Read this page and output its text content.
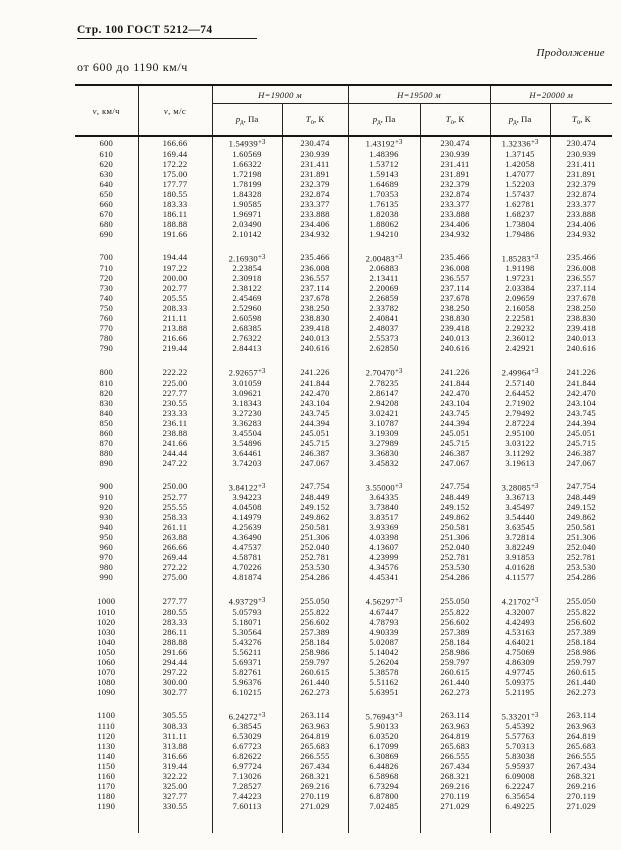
Стр. 100 ГОСТ 5212—74
Продолжение
от 600 до 1190 км/ч
v, км/ч	v, м/с	H=19000 м		H=19500 м		H=20000 м	
		$p_д$, Па	$T_о$, К	$p_д$, Па	$T_о$, К	$p_д$, Па	$T_о$, К
600	166.66	$1.54939^{+3}$	230.474	$1.43192^{+3}$	230.474	$1.32336^{+3}$	230.474
610	169.44	1.60569	230.939	1.48396	230.939	1.37145	230.939
620	172.22	1.66322	231.411	1.53712	231.411	1.42058	231.411
630	175.00	1.72198	231.891	1.59143	231.891	1.47077	231.891
640	177.77	1.78199	232.379	1.64689	232.379	1.52203	232.379
650	180.55	1.84328	232.874	1.70353	232.874	1.57437	232.874
660	183.33	1.90585	233.377	1.76135	233.377	1.62781	233.377
670	186.11	1.96971	233.888	1.82038	233.888	1.68237	233.888
680	188.88	2.03490	234.406	1.88062	234.406	1.73804	234.406
690	191.66	2.10142	234.932	1.94210	234.932	1.79486	234.932

700	194.44	$2.16930^{+3}$	235.466	$2.00483^{+3}$	235.466	$1.85283^{+3}$	235.466
710	197.22	2.23854	236.008	2.06883	236.008	1.91198	236.008
720	200.00	2.30918	236.557	2.13411	236.557	1.97231	236.557
730	202.77	2.38122	237.114	2.20069	237.114	2.03384	237.114
740	205.55	2.45469	237.678	2.26859	237.678	2.09659	237.678
750	208.33	2.52960	238.250	2.33782	238.250	2.16058	238.250
760	211.11	2.60598	238.830	2.40841	238.830	2.22581	238.830
770	213.88	2.68385	239.418	2.48037	239.418	2.29232	239.418
780	216.66	2.76322	240.013	2.55373	240.013	2.36012	240.013
790	219.44	2.84413	240.616	2.62850	240.616	2.42921	240.616

800	222.22	$2.92657^{+3}$	241.226	$2.70470^{+3}$	241.226	$2.49964^{+3}$	241.226
810	225.00	3.01059	241.844	2.78235	241.844	2.57140	241.844
820	227.77	3.09621	242.470	2.86147	242.470	2.64452	242.470
830	230.55	3.18343	243.104	2.94208	243.104	2.71902	243.104
840	233.33	3.27230	243.745	3.02421	243.745	2.79492	243.745
850	236.11	3.36283	244.394	3.10787	244.394	2.87224	244.394
860	238.88	3.45504	245.051	3.19309	245.051	2.95100	245.051
870	241.66	3.54896	245.715	3.27989	245.715	3.03122	245.715
880	244.44	3.64461	246.387	3.36830	246.387	3.11292	246.387
890	247.22	3.74203	247.067	3.45832	247.067	3.19613	247.067

900	250.00	$3.84122^{+3}$	247.754	$3.55000^{+3}$	247.754	$3.28085^{+3}$	247.754
910	252.77	3.94223	248.449	3.64335	248.449	3.36713	248.449
920	255.55	4.04508	249.152	3.73840	249.152	3.45497	249.152
930	258.33	4.14979	249.862	3.83517	249.862	3.54440	249.862
940	261.11	4.25639	250.581	3.93369	250.581	3.63545	250.581
950	263.88	4.36490	251.306	4.03398	251.306	3.72814	251.306
960	266.66	4.47537	252.040	4.13607	252.040	3.82249	252.040
970	269.44	4.58781	252.781	4.23999	252.781	3.91853	252.781
980	272.22	4.70226	253.530	4.34576	253.530	4.01628	253.530
990	275.00	4.81874	254.286	4.45341	254.286	4.11577	254.286

1000	277.77	$4.93729^{+3}$	255.050	$4.56297^{+3}$	255.050	$4.21702^{+3}$	255.050
1010	280.55	5.05793	255.822	4.67447	255.822	4.32007	255.822
1020	283.33	5.18071	256.602	4.78793	256.602	4.42493	256.602
1030	286.11	5.30564	257.389	4.90339	257.389	4.53163	257.389
1040	288.88	5.43276	258.184	5.02087	258.184	4.64021	258.184
1050	291.66	5.56211	258.986	5.14042	258.986	4.75069	258.986
1060	294.44	5.69371	259.797	5.26204	259.797	4.86309	259.797
1070	297.22	5.82761	260.615	5.38578	260.615	4.97745	260.615
1080	300.00	5.96376	261.440	5.51162	261.440	5.09375	261.440
1090	302.77	6.10215	262.273	5.63951	262.273	5.21195	262.273

1100	305.55	$6.24272^{+3}$	263.114	$5.76943^{+3}$	263.114	$5.33201^{+3}$	263.114
1110	308.33	6.38545	263.963	5.90133	263.963	5.45392	263.963
1120	311.11	6.53029	264.819	6.03520	264.819	5.57763	264.819
1130	313.88	6.67723	265.683	6.17099	265.683	5.70313	265.683
1140	316.66	6.82622	266.555	6.30869	266.555	5.83038	266.555
1150	319.44	6.97724	267.434	6.44826	267.434	5.95937	267.434
1160	322.22	7.13026	268.321	6.58968	268.321	6.09008	268.321
1170	325.00	7.28527	269.216	6.73294	269.216	6.22247	269.216
1180	327.77	7.44223	270.119	6.87800	270.119	6.35654	270.119
1190	330.55	7.60113	271.029	7.02485	271.029	6.49225	271.029
